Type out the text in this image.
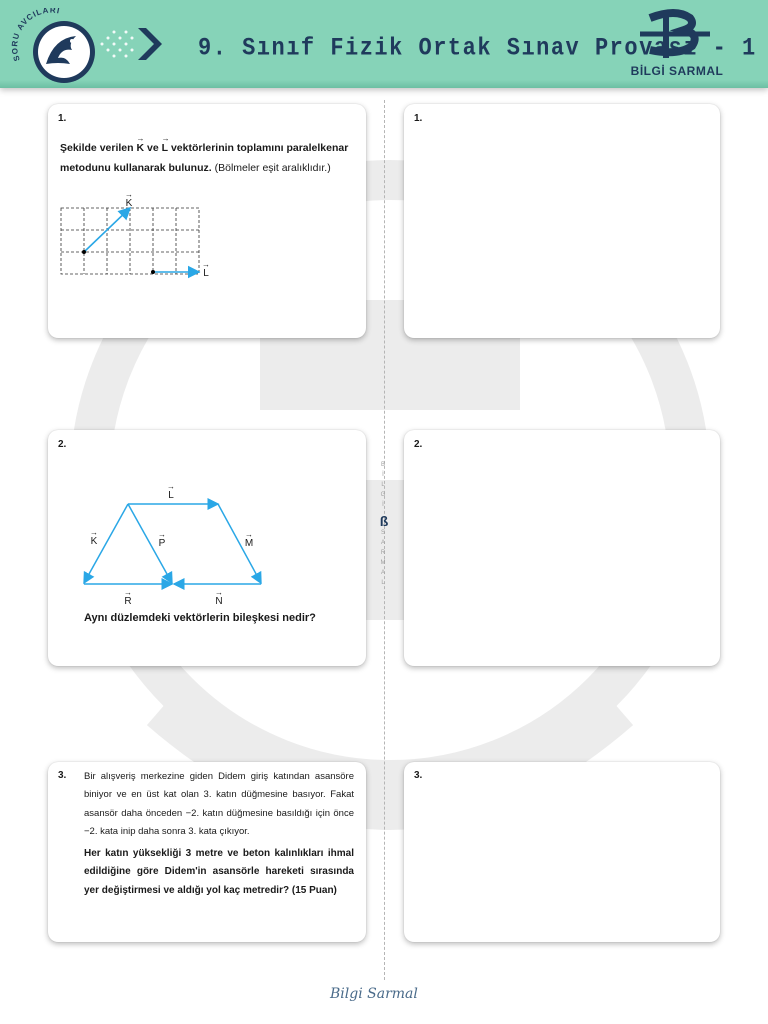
SORU AVCILARI
9. Sınıf Fizik Ortak Sınav Provası - 1
BİLGİ SARMAL
BİLGİ
ß
SARMAL
1.
Şekilde verilen
→
K ve
→
L vektörlerinin toplamını paralelkenar metodunu kullanarak bulunuz. (Bölmeler eşit aralıklıdır.)
→
K
→
L
1.
2.
→
L
→
K
→
P
→
M
→
R
→
N
Aynı düzlemdeki vektörlerin bileşkesi nedir?
2.
3. Bir alışveriş merkezine giden Didem giriş katından asansöre biniyor ve en üst kat olan 3. katın düğmesine basıyor. Fakat asansör daha önceden −2. katın düğmesine basıldığı için önce −2. kata inip daha sonra 3. kata çıkıyor.

Her katın yüksekliği 3 metre ve beton kalınlıkları ihmal edildiğine göre Didem'in asansörle hareketi sırasında yer değiştirmesi ve aldığı yol kaç metredir? (15 Puan)

3.
Bilgi Sarmal
